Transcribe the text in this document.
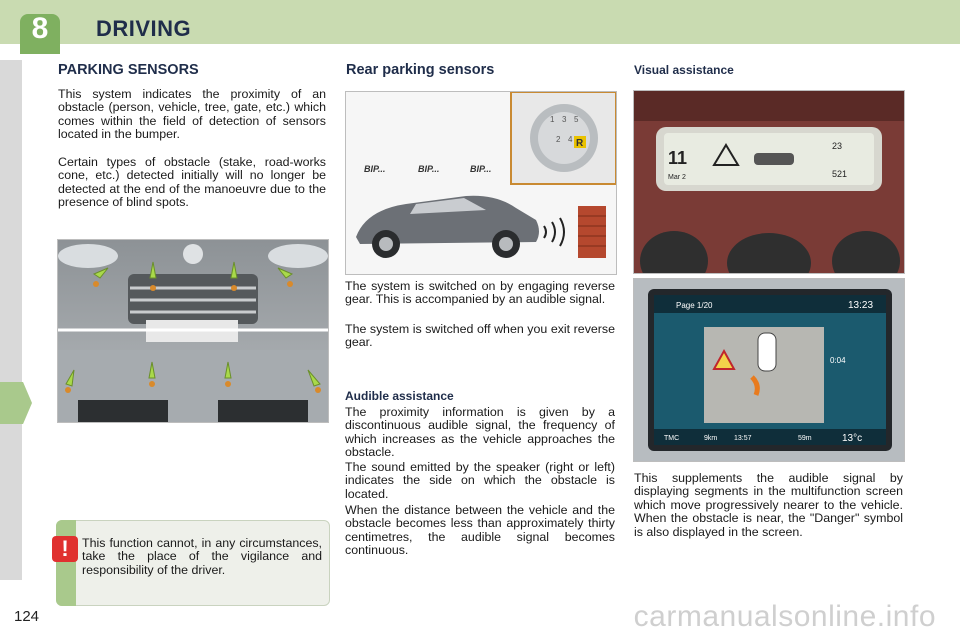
8	DRIVING
PARKING SENSORS

This system indicates the proximity of an obstacle (person, vehicle, tree, gate, etc.) which comes within the field of detection of sensors located in the bumper.

Certain types of obstacle (stake, road-works cone, etc.) detected initially will no longer be detected at the end of the manoeuvre due to the presence of blind spots.

!	This function cannot, in any circumstances, take the place of the vigilance and responsibility of the driver.

Rear parking sensors
1 3 5
2 4 R
BIP...	BIP...	BIP...

The system is switched on by engaging reverse gear. This is accompanied by an audible signal.

The system is switched off when you exit reverse gear.

Audible assistance

The proximity information is given by a discontinuous audible signal, the frequency of which increases as the vehicle approaches the obstacle.

The sound emitted by the speaker (right or left) indicates the side on which the obstacle is located.

When the distance between the vehicle and the obstacle becomes less than approximately thirty centimetres, the audible signal becomes continuous.

Visual assistance
11
Mar 2
23
521
Page 1/20	13:23
0:04
TMC	9km 13:57	59m	13°c

This supplements the audible signal by displaying segments in the multifunction screen which move progressively nearer to the vehicle. When the obstacle is near, the "Danger" symbol is also displayed in the screen.

124	carmanualsonline.info
